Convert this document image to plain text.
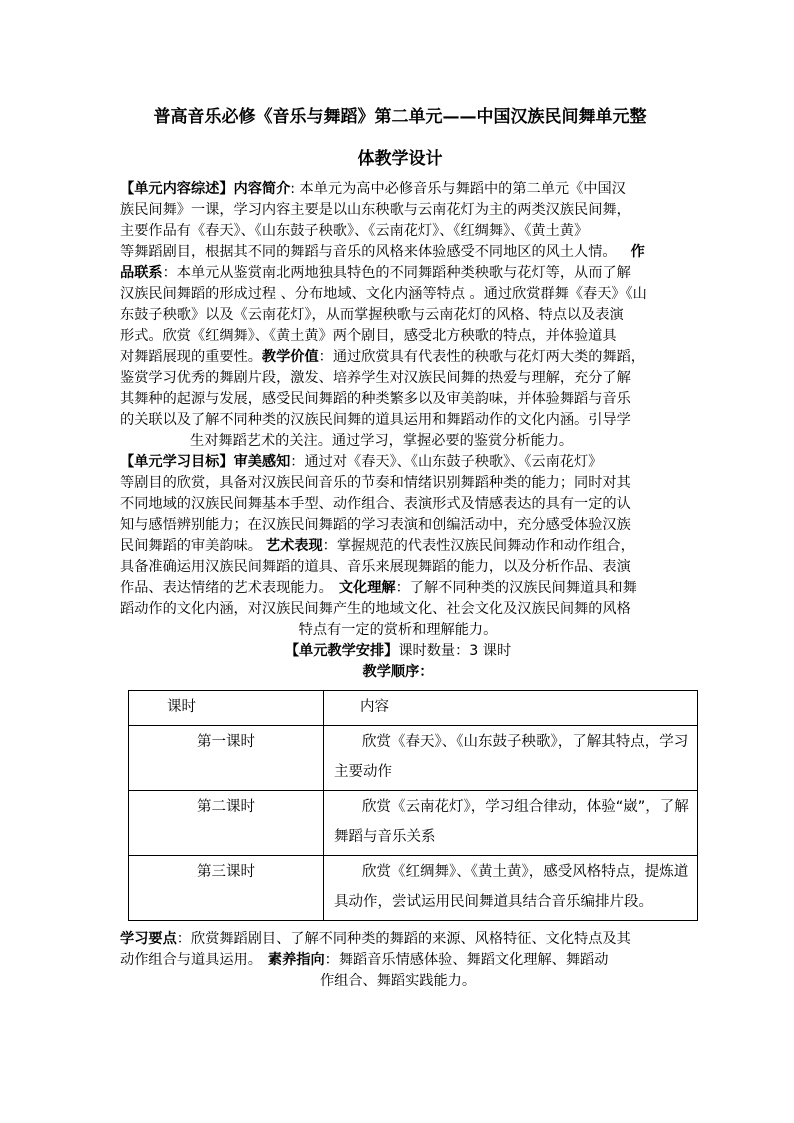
普高音乐必修《音乐与舞蹈》第二单元——中国汉族民间舞单元整
体教学设计
【单元内容综述】内容简介: 本单元为高中必修音乐与舞蹈中的第二单元《中国汉
族民间舞》一课，学习内容主要是以山东秧歌与云南花灯为主的两类汉族民间舞，
主要作品有《春天》、《山东鼓子秧歌》、《云南花灯》、《红绸舞》、《黄土黄》
等舞蹈剧目，根据其不同的舞蹈与音乐的风格来体验感受不同地区的风土人情。 作
品联系：本单元从鉴赏南北两地独具特色的不同舞蹈种类秧歌与花灯等，从而了解
汉族民间舞蹈的形成过程 、分布地域、文化内涵等特点 。通过欣赏群舞《春天》《山
东鼓子秧歌》以及《云南花灯》，从而掌握秧歌与云南花灯的风格、特点以及表演
形式。欣赏《红绸舞》、《黄土黄》两个剧目，感受北方秧歌的特点，并体验道具
对舞蹈展现的重要性。教学价值：通过欣赏具有代表性的秧歌与花灯两大类的舞蹈，
鉴赏学习优秀的舞剧片段，激发、培养学生对汉族民间舞的热爱与理解，充分了解
其舞种的起源与发展，感受民间舞蹈的种类繁多以及审美韵味，并体验舞蹈与音乐
的关联以及了解不同种类的汉族民间舞的道具运用和舞蹈动作的文化内涵。引导学
生对舞蹈艺术的关注。通过学习，掌握必要的鉴赏分析能力。
【单元学习目标】审美感知：通过对《春天》、《山东鼓子秧歌》、《云南花灯》
等剧目的欣赏，具备对汉族民间音乐的节奏和情绪识别舞蹈种类的能力；同时对其
不同地域的汉族民间舞基本手型、动作组合、表演形式及情感表达的具有一定的认
知与感悟辨别能力；在汉族民间舞蹈的学习表演和创编活动中，充分感受体验汉族
民间舞蹈的审美韵味。 艺术表现：掌握规范的代表性汉族民间舞动作和动作组合，
具备准确运用汉族民间舞蹈的道具、音乐来展现舞蹈的能力，以及分析作品、表演
作品、表达情绪的艺术表现能力。 文化理解：了解不同种类的汉族民间舞道具和舞
蹈动作的文化内涵，对汉族民间舞产生的地域文化、社会文化及汉族民间舞的风格
特点有一定的赏析和理解能力。
【单元教学安排】课时数量：3 课时
教学顺序：
课时	内容
第一课时	欣赏《春天》、《山东鼓子秧歌》，了解其特点，学习主要动作

第二课时	欣赏《云南花灯》，学习组合律动，体验“崴”，了解舞蹈与音乐关系

第三课时	欣赏《红绸舞》、《黄土黄》，感受风格特点，提炼道具动作，尝试运用民间舞道具结合音乐编排片段。
学习要点：欣赏舞蹈剧目、了解不同种类的舞蹈的来源、风格特征、文化特点及其
动作组合与道具运用。 素养指向：舞蹈音乐情感体验、舞蹈文化理解、舞蹈动
作组合、舞蹈实践能力。
